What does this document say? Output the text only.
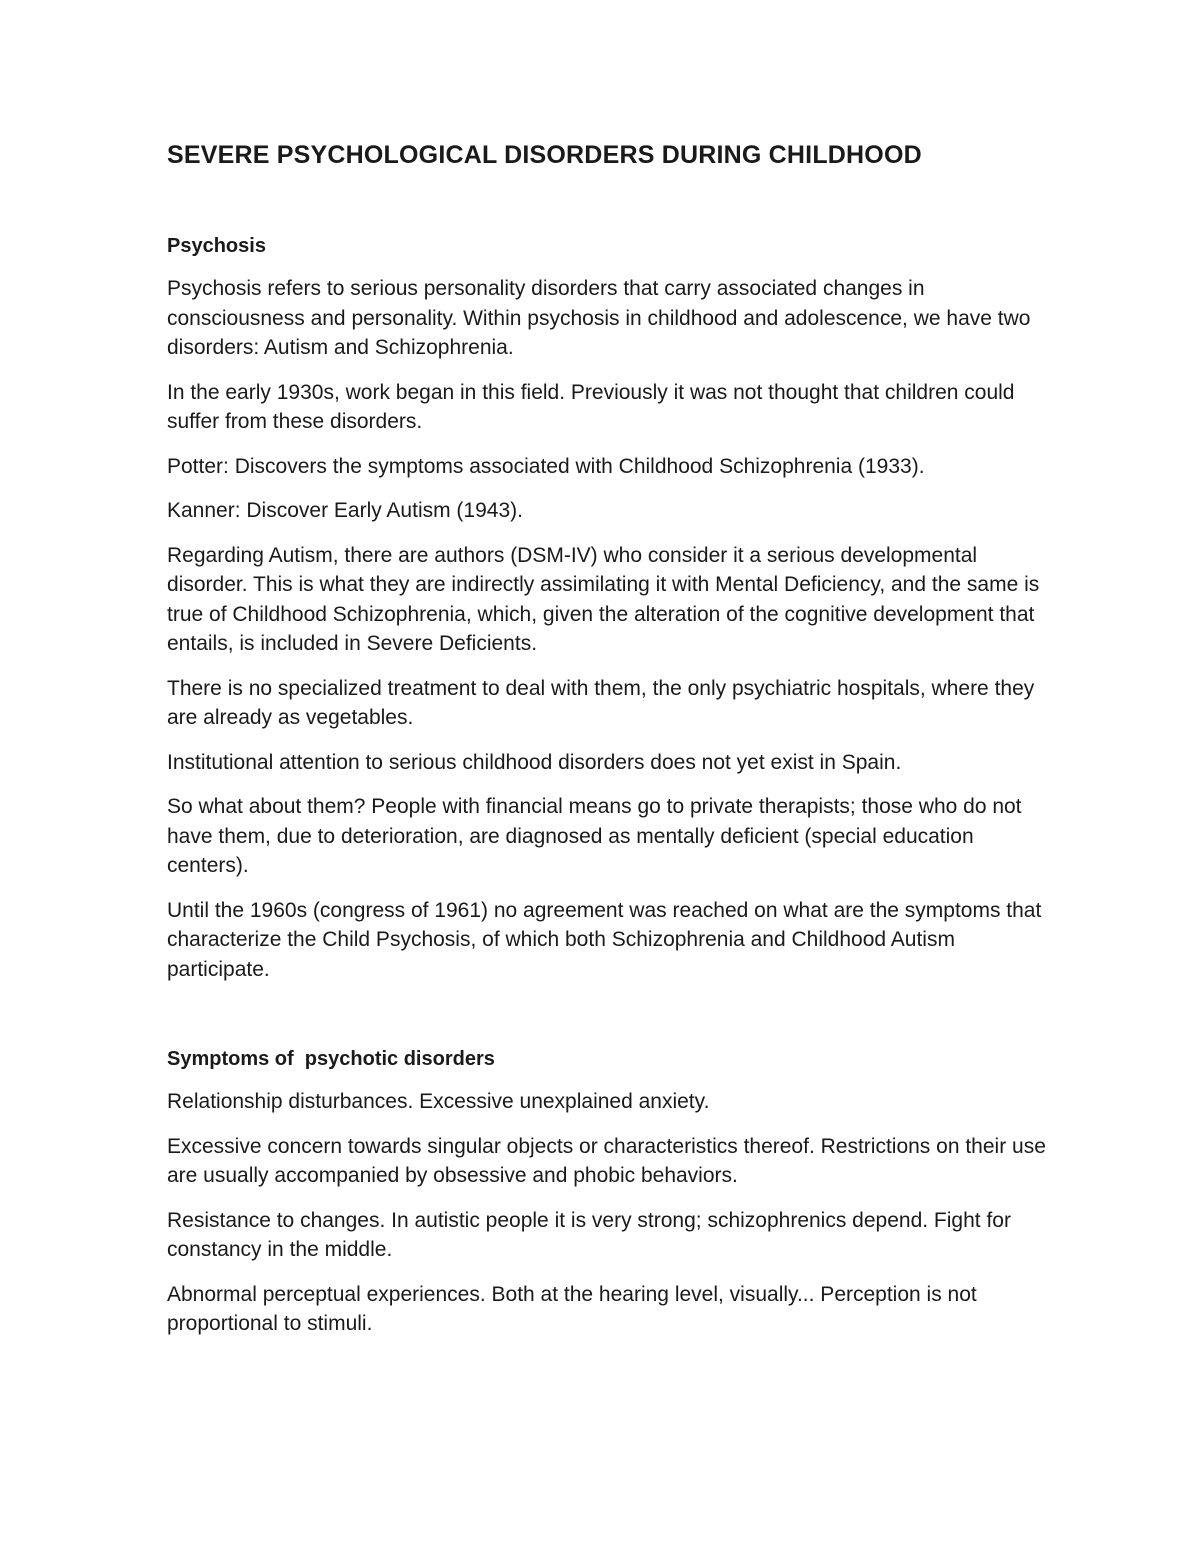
SEVERE PSYCHOLOGICAL DISORDERS DURING CHILDHOOD
Psychosis

Psychosis refers to serious personality disorders that carry associated changes in consciousness and personality. Within psychosis in childhood and adolescence, we have two disorders: Autism and Schizophrenia.

In the early 1930s, work began in this field. Previously it was not thought that children could suffer from these disorders.

Potter: Discovers the symptoms associated with Childhood Schizophrenia (1933).

Kanner: Discover Early Autism (1943).

Regarding Autism, there are authors (DSM-IV) who consider it a serious developmental disorder. This is what they are indirectly assimilating it with Mental Deficiency, and the same is true of Childhood Schizophrenia, which, given the alteration of the cognitive development that entails, is included in Severe Deficients.

There is no specialized treatment to deal with them, the only psychiatric hospitals, where they are already as vegetables.

Institutional attention to serious childhood disorders does not yet exist in Spain.

So what about them? People with financial means go to private therapists; those who do not have them, due to deterioration, are diagnosed as mentally deficient (special education centers).

Until the 1960s (congress of 1961) no agreement was reached on what are the symptoms that characterize the Child Psychosis, of which both Schizophrenia and Childhood Autism participate.

Symptoms of  psychotic disorders

Relationship disturbances. Excessive unexplained anxiety.

Excessive concern towards singular objects or characteristics thereof. Restrictions on their use are usually accompanied by obsessive and phobic behaviors.

Resistance to changes. In autistic people it is very strong; schizophrenics depend. Fight for constancy in the middle.

Abnormal perceptual experiences. Both at the hearing level, visually... Perception is not proportional to stimuli.
